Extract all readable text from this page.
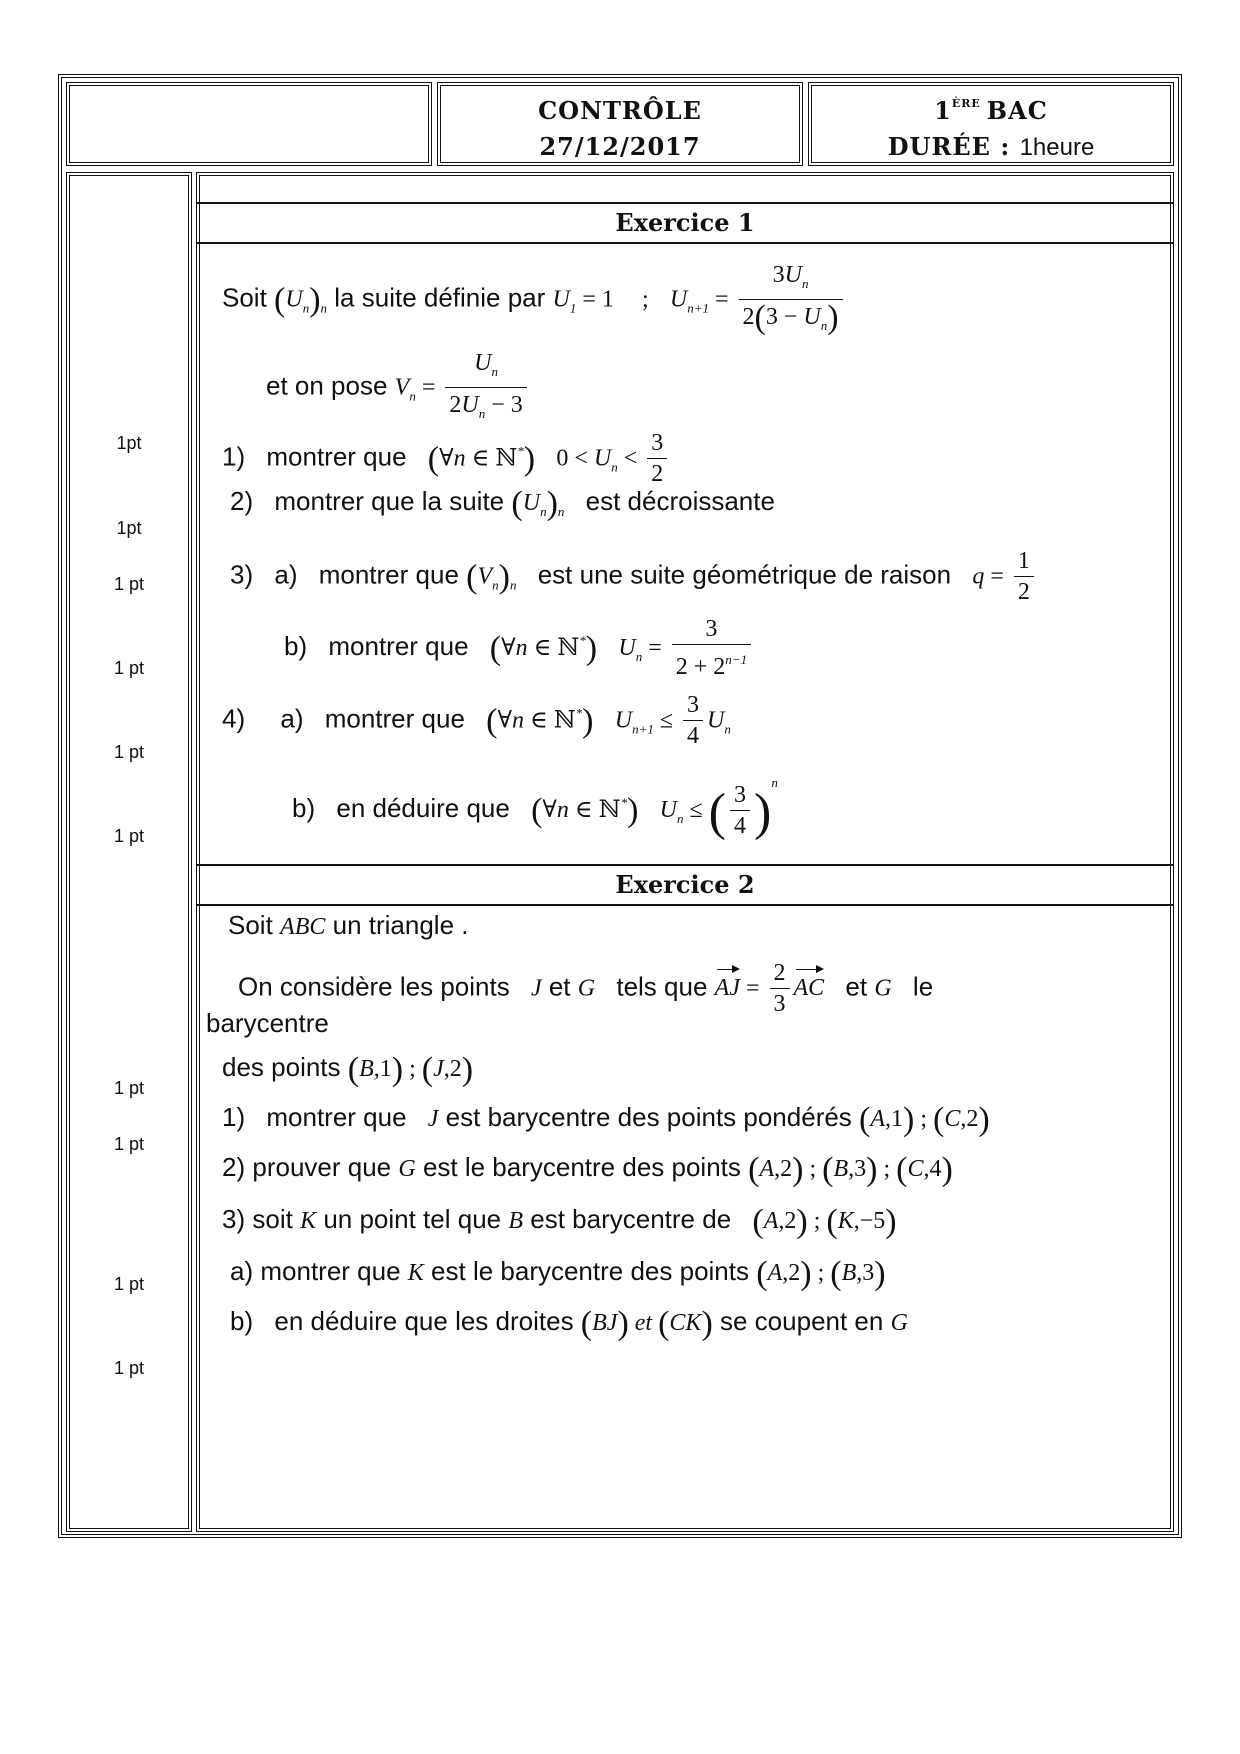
CONTRÔLE
27/12/2017
1ÈRE BAC
DURÉE : 1heure
1pt
1pt
1 pt
1 pt
1 pt
1 pt
1 pt
1 pt
1 pt
1 pt
Exercice 1
Soit $(U_n)_n$ la suite définie par $U_1 = 1$ ; $U_{n+1} = \frac{3U_n}{2(3 - U_n)}$
et on pose $V_n = \frac{U_n}{2U_n - 3}$
1) montrer que (∀n ∈ ℕ*) $0 < U_n < \frac{3}{2}$
2) montrer que la suite $(U_n)_n$ est décroissante
3) a) montrer que $(V_n)_n$ est une suite géométrique de raison $q = \frac{1}{2}$
b) montrer que (∀n ∈ ℕ*) $U_n = \frac{3}{2 + 2^{n-1}}$
4) a) montrer que (∀n ∈ ℕ*) $U_{n+1} \le \frac{3}{4} U_n$
b) en déduire que (∀n ∈ ℕ*) $U_n$ ≤ ( $\frac{3}{4} )^n$
Exercice 2
Soit ABC un triangle .
On considère les points J et G tels que AJ = $\frac{2}{3}$ AC et G le
barycentre
des points (B,1) ; (J,2)
1) montrer que J est barycentre des points pondérés (A,1) ; (C,2)
2) prouver que G est le barycentre des points (A,2) ; (B,3) ; (C,4)
3) soit K un point tel que B est barycentre de (A,2) ; (K,−5)
a) montrer que K est le barycentre des points (A,2) ; (B,3)
b) en déduire que les droites (BJ) et (CK) se coupent en G
